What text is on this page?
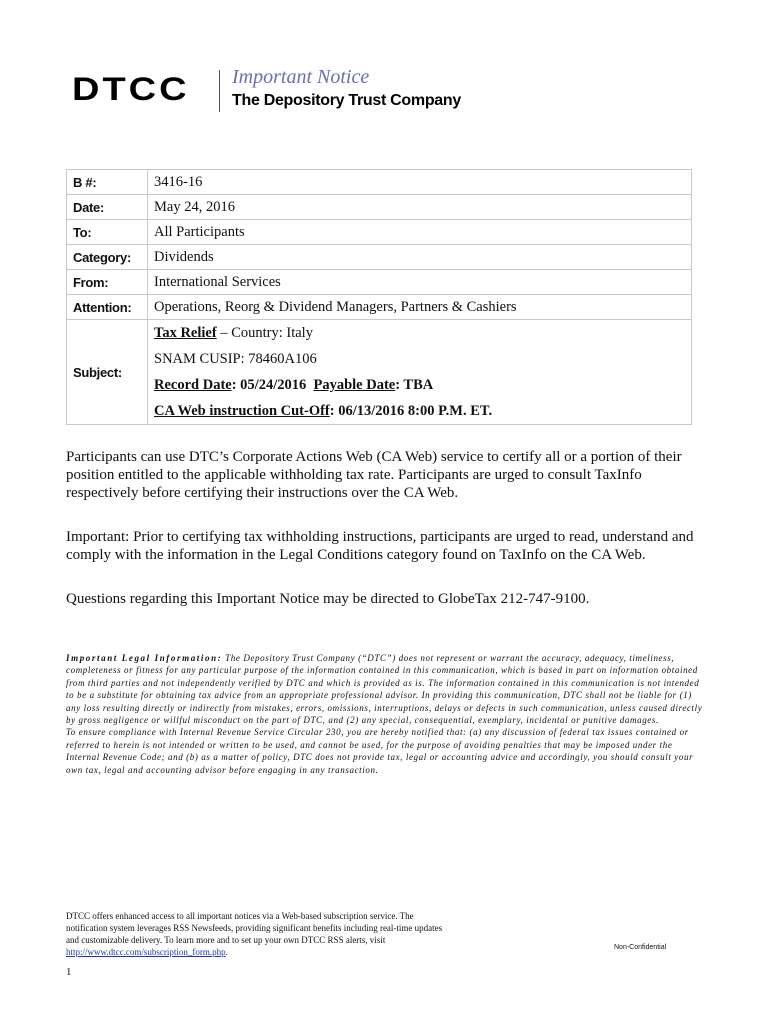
DTCC Important Notice
The Depository Trust Company
B #:	3416-16
Date:	May 24, 2016
To:	All Participants
Category:	Dividends
From:	International Services
Attention:	Operations, Reorg & Dividend Managers, Partners & Cashiers
Subject:	Tax Relief – Country: Italy
SNAM CUSIP: 78460A106
Record Date: 05/24/2016 Payable Date: TBA
CA Web instruction Cut-Off: 06/13/2016 8:00 P.M. ET.
Participants can use DTC’s Corporate Actions Web (CA Web) service to certify all or a portion of their position entitled to the applicable withholding tax rate. Participants are urged to consult TaxInfo respectively before certifying their instructions over the CA Web.
Important: Prior to certifying tax withholding instructions, participants are urged to read, understand and comply with the information in the Legal Conditions category found on TaxInfo on the CA Web.
Questions regarding this Important Notice may be directed to GlobeTax 212-747-9100.
Important Legal Information: The Depository Trust Company (“DTC”) does not represent or warrant the accuracy, adequacy, timeliness, completeness or fitness for any particular purpose of the information contained in this communication, which is based in part on information obtained from third parties and not independently verified by DTC and which is provided as is. The information contained in this communication is not intended to be a substitute for obtaining tax advice from an appropriate professional advisor. In providing this communication, DTC shall not be liable for (1) any loss resulting directly or indirectly from mistakes, errors, omissions, interruptions, delays or defects in such communication, unless caused directly by gross negligence or willful misconduct on the part of DTC, and (2) any special, consequential, exemplary, incidental or punitive damages.
To ensure compliance with Internal Revenue Service Circular 230, you are hereby notified that: (a) any discussion of federal tax issues contained or referred to herein is not intended or written to be used, and cannot be used, for the purpose of avoiding penalties that may be imposed under the Internal Revenue Code; and (b) as a matter of policy, DTC does not provide tax, legal or accounting advice and accordingly, you should consult your own tax, legal and accounting advisor before engaging in any transaction.
DTCC offers enhanced access to all important notices via a Web-based subscription service. The notification system leverages RSS Newsfeeds, providing significant benefits including real-time updates and customizable delivery. To learn more and to set up your own DTCC RSS alerts, visit http://www.dtcc.com/subscription_form.php.	Non-Confidential
1
